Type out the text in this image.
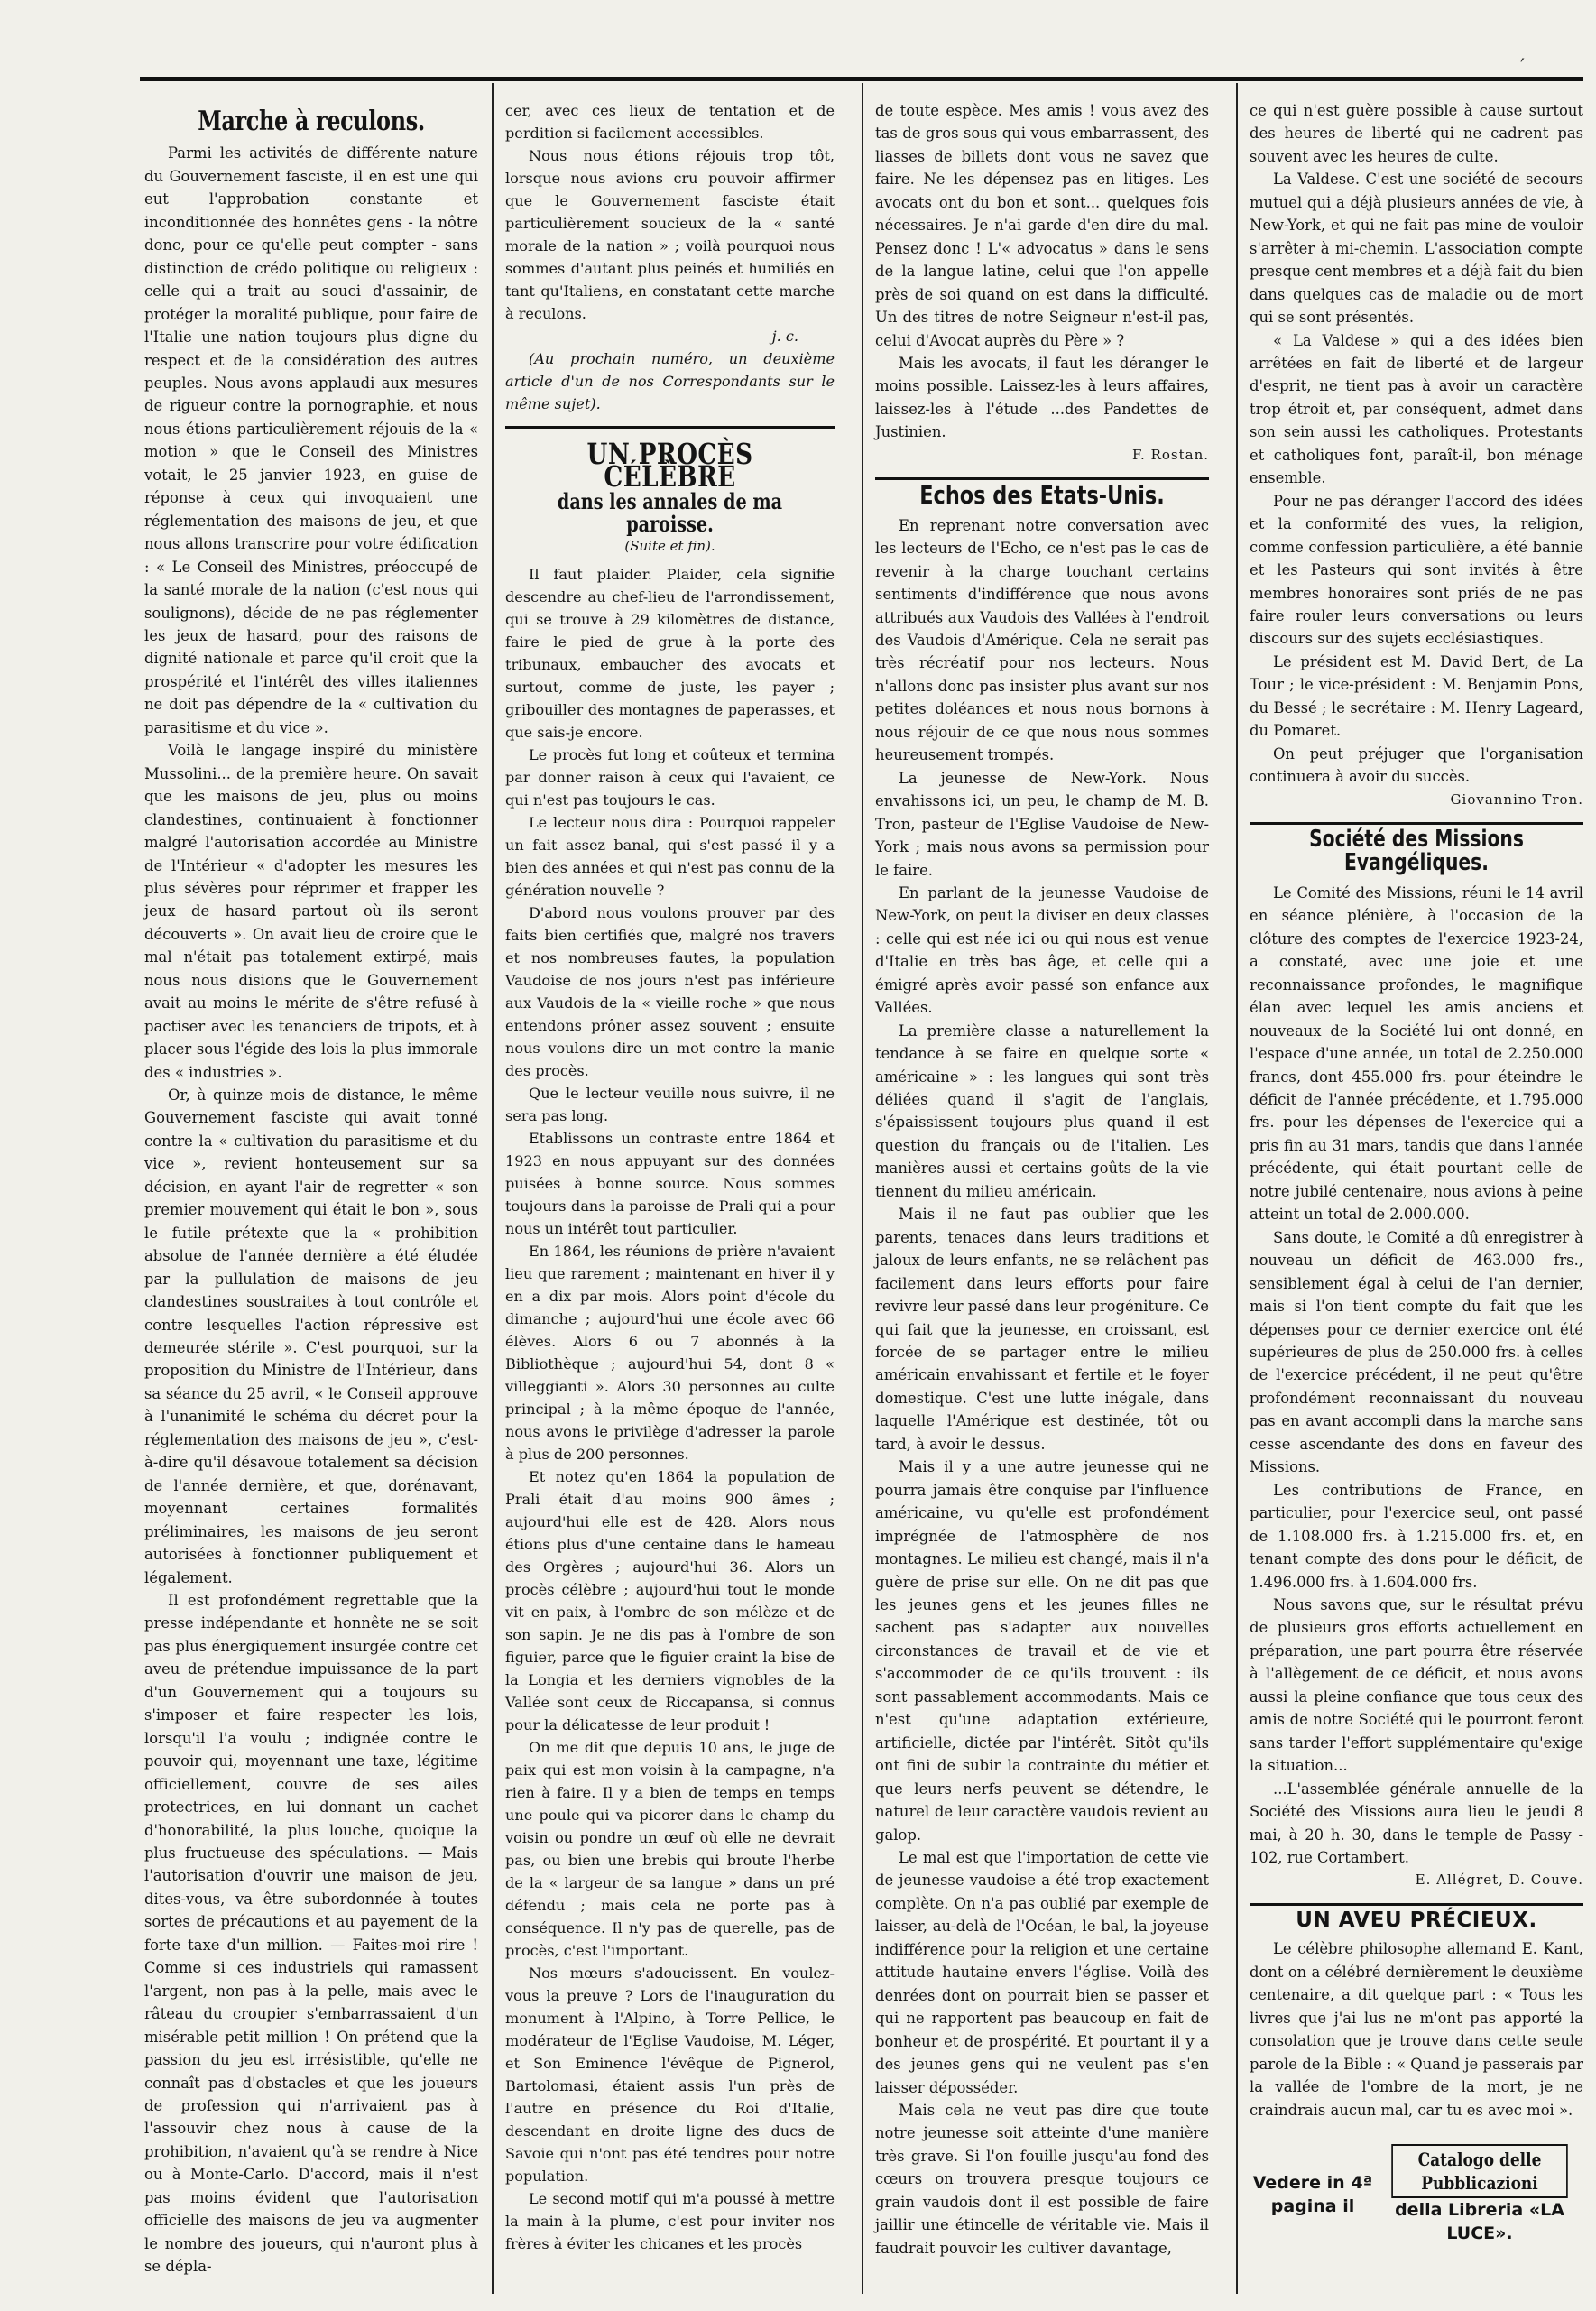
′
Marche à reculons.

Parmi les activités de différente nature du Gouvernement fasciste, il en est une qui eut l'approbation constante et inconditionnée des honnêtes gens - la nôtre donc, pour ce qu'elle peut compter - sans distinction de crédo politique ou religieux : celle qui a trait au souci d'assainir, de protéger la moralité publique, pour faire de l'Italie une nation toujours plus digne du respect et de la considération des autres peuples. Nous avons applaudi aux mesures de rigueur contre la pornographie, et nous nous étions particulièrement réjouis de la « motion » que le Conseil des Ministres votait, le 25 janvier 1923, en guise de réponse à ceux qui invoquaient une réglementation des maisons de jeu, et que nous allons transcrire pour votre édification : « Le Conseil des Ministres, préoccupé de la santé morale de la nation (c'est nous qui soulignons), décide de ne pas réglementer les jeux de hasard, pour des raisons de dignité nationale et parce qu'il croit que la prospérité et l'intérêt des villes italiennes ne doit pas dépendre de la « cultivation du parasitisme et du vice ».

Voilà le langage inspiré du ministère Mussolini... de la première heure. On savait que les maisons de jeu, plus ou moins clandestines, continuaient à fonctionner malgré l'autorisation accordée au Ministre de l'Intérieur « d'adopter les mesures les plus sévères pour réprimer et frapper les jeux de hasard partout où ils seront découverts ». On avait lieu de croire que le mal n'était pas totalement extirpé, mais nous nous disions que le Gouvernement avait au moins le mérite de s'être refusé à pactiser avec les tenanciers de tripots, et à placer sous l'égide des lois la plus immorale des « industries ».

Or, à quinze mois de distance, le même Gouvernement fasciste qui avait tonné contre la « cultivation du parasitisme et du vice », revient honteusement sur sa décision, en ayant l'air de regretter « son premier mouvement qui était le bon », sous le futile prétexte que la « prohibition absolue de l'année dernière a été éludée par la pullulation de maisons de jeu clandestines soustraites à tout contrôle et contre lesquelles l'action répressive est demeurée stérile ». C'est pourquoi, sur la proposition du Ministre de l'Intérieur, dans sa séance du 25 avril, « le Conseil approuve à l'unanimité le schéma du décret pour la réglementation des maisons de jeu », c'est-à-dire qu'il désavoue totalement sa décision de l'année dernière, et que, dorénavant, moyennant certaines formalités préliminaires, les maisons de jeu seront autorisées à fonctionner publiquement et légalement.

Il est profondément regrettable que la presse indépendante et honnête ne se soit pas plus énergiquement insurgée contre cet aveu de prétendue impuissance de la part d'un Gouvernement qui a toujours su s'imposer et faire respecter les lois, lorsqu'il l'a voulu ; indignée contre le pouvoir qui, moyennant une taxe, légitime officiellement, couvre de ses ailes protectrices, en lui donnant un cachet d'honorabilité, la plus louche, quoique la plus fructueuse des spéculations. — Mais l'autorisation d'ouvrir une maison de jeu, dites-vous, va être subordonnée à toutes sortes de précautions et au payement de la forte taxe d'un million. — Faites-moi rire ! Comme si ces industriels qui ramassent l'argent, non pas à la pelle, mais avec le râteau du croupier s'embarrassaient d'un misérable petit million ! On prétend que la passion du jeu est irrésistible, qu'elle ne connaît pas d'obstacles et que les joueurs de profession qui n'arrivaient pas à l'assouvir chez nous à cause de la prohibition, n'avaient qu'à se rendre à Nice ou à Monte-Carlo. D'accord, mais il n'est pas moins évident que l'autorisation officielle des maisons de jeu va augmenter le nombre des joueurs, qui n'auront plus à se dépla-

cer, avec ces lieux de tentation et de perdition si facilement accessibles.

Nous nous étions réjouis trop tôt, lorsque nous avions cru pouvoir affirmer que le Gouvernement fasciste était particulièrement soucieux de la « santé morale de la nation » ; voilà pourquoi nous sommes d'autant plus peinés et humiliés en tant qu'Italiens, en constatant cette marche à reculons.

j. c.

(Au prochain numéro, un deuxième article d'un de nos Correspondants sur le même sujet).

UN PROCÈS CÉLÈBRE
dans les annales de ma paroisse.
(Suite et fin).

Il faut plaider. Plaider, cela signifie descendre au chef-lieu de l'arrondissement, qui se trouve à 29 kilomètres de distance, faire le pied de grue à la porte des tribunaux, embaucher des avocats et surtout, comme de juste, les payer ; gribouiller des montagnes de paperasses, et que sais-je encore.

Le procès fut long et coûteux et termina par donner raison à ceux qui l'avaient, ce qui n'est pas toujours le cas.

Le lecteur nous dira : Pourquoi rappeler un fait assez banal, qui s'est passé il y a bien des années et qui n'est pas connu de la génération nouvelle ?

D'abord nous voulons prouver par des faits bien certifiés que, malgré nos travers et nos nombreuses fautes, la population Vaudoise de nos jours n'est pas inférieure aux Vaudois de la « vieille roche » que nous entendons prôner assez souvent ; ensuite nous voulons dire un mot contre la manie des procès.

Que le lecteur veuille nous suivre, il ne sera pas long.

Etablissons un contraste entre 1864 et 1923 en nous appuyant sur des données puisées à bonne source. Nous sommes toujours dans la paroisse de Prali qui a pour nous un intérêt tout particulier.

En 1864, les réunions de prière n'avaient lieu que rarement ; maintenant en hiver il y en a dix par mois. Alors point d'école du dimanche ; aujourd'hui une école avec 66 élèves. Alors 6 ou 7 abonnés à la Bibliothèque ; aujourd'hui 54, dont 8 « villeggianti ». Alors 30 personnes au culte principal ; à la même époque de l'année, nous avons le privilège d'adresser la parole à plus de 200 personnes.

Et notez qu'en 1864 la population de Prali était d'au moins 900 âmes ; aujourd'hui elle est de 428. Alors nous étions plus d'une centaine dans le hameau des Orgères ; aujourd'hui 36. Alors un procès célèbre ; aujourd'hui tout le monde vit en paix, à l'ombre de son mélèze et de son sapin. Je ne dis pas à l'ombre de son figuier, parce que le figuier craint la bise de la Longia et les derniers vignobles de la Vallée sont ceux de Riccapansa, si connus pour la délicatesse de leur produit !

On me dit que depuis 10 ans, le juge de paix qui est mon voisin à la campagne, n'a rien à faire. Il y a bien de temps en temps une poule qui va picorer dans le champ du voisin ou pondre un œuf où elle ne devrait pas, ou bien une brebis qui broute l'herbe de la « largeur de sa langue » dans un pré défendu ; mais cela ne porte pas à conséquence. Il n'y pas de querelle, pas de procès, c'est l'important.

Nos mœurs s'adoucissent. En voulez-vous la preuve ? Lors de l'inauguration du monument à l'Alpino, à Torre Pellice, le modérateur de l'Eglise Vaudoise, M. Léger, et Son Eminence l'évêque de Pignerol, Bartolomasi, étaient assis l'un près de l'autre en présence du Roi d'Italie, descendant en droite ligne des ducs de Savoie qui n'ont pas été tendres pour notre population.

Le second motif qui m'a poussé à mettre la main à la plume, c'est pour inviter nos frères à éviter les chicanes et les procès

de toute espèce. Mes amis ! vous avez des tas de gros sous qui vous embarrassent, des liasses de billets dont vous ne savez que faire. Ne les dépensez pas en litiges. Les avocats ont du bon et sont... quelques fois nécessaires. Je n'ai garde d'en dire du mal. Pensez donc ! L'« advocatus » dans le sens de la langue latine, celui que l'on appelle près de soi quand on est dans la difficulté. Un des titres de notre Seigneur n'est-il pas, celui d'Avocat auprès du Père » ?

Mais les avocats, il faut les déranger le moins possible. Laissez-les à leurs affaires, laissez-les à l'étude ...des Pandettes de Justinien.

F. Rostan.

Echos des Etats-Unis.

En reprenant notre conversation avec les lecteurs de l'Echo, ce n'est pas le cas de revenir à la charge touchant certains sentiments d'indifférence que nous avons attribués aux Vaudois des Vallées à l'endroit des Vaudois d'Amérique. Cela ne serait pas très récréatif pour nos lecteurs. Nous n'allons donc pas insister plus avant sur nos petites doléances et nous nous bornons à nous réjouir de ce que nous nous sommes heureusement trompés.

La jeunesse de New-York. Nous envahissons ici, un peu, le champ de M. B. Tron, pasteur de l'Eglise Vaudoise de New-York ; mais nous avons sa permission pour le faire.

En parlant de la jeunesse Vaudoise de New-York, on peut la diviser en deux classes : celle qui est née ici ou qui nous est venue d'Italie en très bas âge, et celle qui a émigré après avoir passé son enfance aux Vallées.

La première classe a naturellement la tendance à se faire en quelque sorte « américaine » : les langues qui sont très déliées quand il s'agit de l'anglais, s'épaississent toujours plus quand il est question du français ou de l'italien. Les manières aussi et certains goûts de la vie tiennent du milieu américain.

Mais il ne faut pas oublier que les parents, tenaces dans leurs traditions et jaloux de leurs enfants, ne se relâchent pas facilement dans leurs efforts pour faire revivre leur passé dans leur progéniture. Ce qui fait que la jeunesse, en croissant, est forcée de se partager entre le milieu américain envahissant et fertile et le foyer domestique. C'est une lutte inégale, dans laquelle l'Amérique est destinée, tôt ou tard, à avoir le dessus.

Mais il y a une autre jeunesse qui ne pourra jamais être conquise par l'influence américaine, vu qu'elle est profondément imprégnée de l'atmosphère de nos montagnes. Le milieu est changé, mais il n'a guère de prise sur elle. On ne dit pas que les jeunes gens et les jeunes filles ne sachent pas s'adapter aux nouvelles circonstances de travail et de vie et s'accommoder de ce qu'ils trouvent : ils sont passablement accommodants. Mais ce n'est qu'une adaptation extérieure, artificielle, dictée par l'intérêt. Sitôt qu'ils ont fini de subir la contrainte du métier et que leurs nerfs peuvent se détendre, le naturel de leur caractère vaudois revient au galop.

Le mal est que l'importation de cette vie de jeunesse vaudoise a été trop exactement complète. On n'a pas oublié par exemple de laisser, au-delà de l'Océan, le bal, la joyeuse indifférence pour la religion et une certaine attitude hautaine envers l'église. Voilà des denrées dont on pourrait bien se passer et qui ne rapportent pas beaucoup en fait de bonheur et de prospérité. Et pourtant il y a des jeunes gens qui ne veulent pas s'en laisser déposséder.

Mais cela ne veut pas dire que toute notre jeunesse soit atteinte d'une manière très grave. Si l'on fouille jusqu'au fond des cœurs on trouvera presque toujours ce grain vaudois dont il est possible de faire jaillir une étincelle de véritable vie. Mais il faudrait pouvoir les cultiver davantage,

ce qui n'est guère possible à cause surtout des heures de liberté qui ne cadrent pas souvent avec les heures de culte.

La Valdese. C'est une société de secours mutuel qui a déjà plusieurs années de vie, à New-York, et qui ne fait pas mine de vouloir s'arrêter à mi-chemin. L'association compte presque cent membres et a déjà fait du bien dans quelques cas de maladie ou de mort qui se sont présentés.

« La Valdese » qui a des idées bien arrêtées en fait de liberté et de largeur d'esprit, ne tient pas à avoir un caractère trop étroit et, par conséquent, admet dans son sein aussi les catholiques. Protestants et catholiques font, paraît-il, bon ménage ensemble.

Pour ne pas déranger l'accord des idées et la conformité des vues, la religion, comme confession particulière, a été bannie et les Pasteurs qui sont invités à être membres honoraires sont priés de ne pas faire rouler leurs conversations ou leurs discours sur des sujets ecclésiastiques.

Le président est M. David Bert, de La Tour ; le vice-président : M. Benjamin Pons, du Bessé ; le secrétaire : M. Henry Lageard, du Pomaret.

On peut préjuger que l'organisation continuera à avoir du succès.

Giovannino Tron.

Société des Missions Evangéliques.

Le Comité des Missions, réuni le 14 avril en séance plénière, à l'occasion de la clôture des comptes de l'exercice 1923-24, a constaté, avec une joie et une reconnaissance profondes, le magnifique élan avec lequel les amis anciens et nouveaux de la Société lui ont donné, en l'espace d'une année, un total de 2.250.000 francs, dont 455.000 frs. pour éteindre le déficit de l'année précédente, et 1.795.000 frs. pour les dépenses de l'exercice qui a pris fin au 31 mars, tandis que dans l'année précédente, qui était pourtant celle de notre jubilé centenaire, nous avions à peine atteint un total de 2.000.000.

Sans doute, le Comité a dû enregistrer à nouveau un déficit de 463.000 frs., sensiblement égal à celui de l'an dernier, mais si l'on tient compte du fait que les dépenses pour ce dernier exercice ont été supérieures de plus de 250.000 frs. à celles de l'exercice précédent, il ne peut qu'être profondément reconnaissant du nouveau pas en avant accompli dans la marche sans cesse ascendante des dons en faveur des Missions.

Les contributions de France, en particulier, pour l'exercice seul, ont passé de 1.108.000 frs. à 1.215.000 frs. et, en tenant compte des dons pour le déficit, de 1.496.000 frs. à 1.604.000 frs.

Nous savons que, sur le résultat prévu de plusieurs gros efforts actuellement en préparation, une part pourra être réservée à l'allègement de ce déficit, et nous avons aussi la pleine confiance que tous ceux des amis de notre Société qui le pourront feront sans tarder l'effort supplémentaire qu'exige la situation...

...L'assemblée générale annuelle de la Société des Missions aura lieu le jeudi 8 mai, à 20 h. 30, dans le temple de Passy - 102, rue Cortambert.

E. Allégret, D. Couve.

UN AVEU PRÉCIEUX.

Le célèbre philosophe allemand E. Kant, dont on a célébré dernièrement le deuxième centenaire, a dit quelque part : « Tous les livres que j'ai lus ne m'ont pas apporté la consolation que je trouve dans cette seule parole de la Bible : « Quand je passerais par la vallée de l'ombre de la mort, je ne craindrais aucun mal, car tu es avec moi ».

Vedere in 4ª pagina il
Catalogo delle Pubblicazioni
della Libreria «LA LUCE».
